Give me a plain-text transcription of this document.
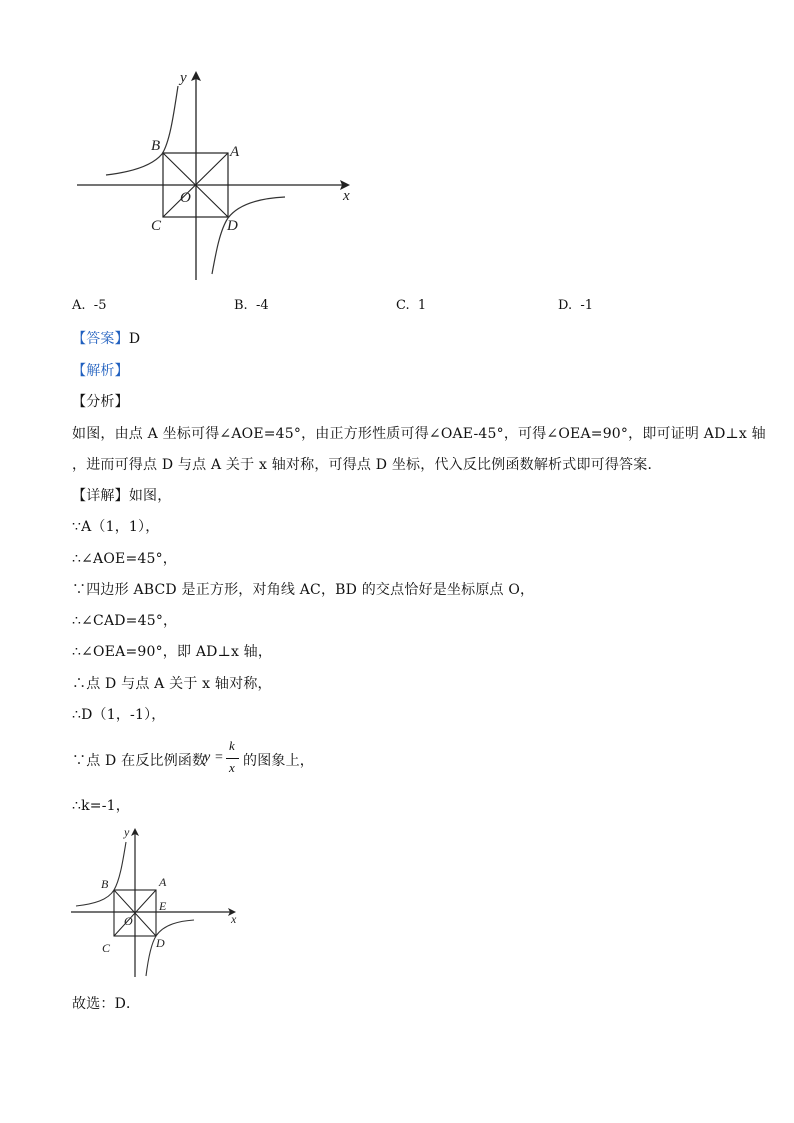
y
x
B	A
O
C	D
A. -5	B. -4	C. 1	D. -1
【答案】D
【解析】
【分析】
如图，由点 A 坐标可得∠AOE=45°，由正方形性质可得∠OAE-45°，可得∠OEA=90°，即可证明 AD⊥x 轴
，进而可得点 D 与点 A 关于 x 轴对称，可得点 D 坐标，代入反比例函数解析式即可得答案．
【详解】如图，
∵A（1，1），
∴∠AOE=45°，
∵四边形 ABCD 是正方形，对角线 AC，BD 的交点恰好是坐标原点 O，
∴∠CAD=45°，
∴∠OEA=90°，即 AD⊥x 轴，
∴点 D 与点 A 关于 x 轴对称，
∴D（1，-1），
∵点 D 在反比例函数
y =
k
x 的图象上，
∴k=-1，
y
x
B	A
E
O
C	D
故选：D．
